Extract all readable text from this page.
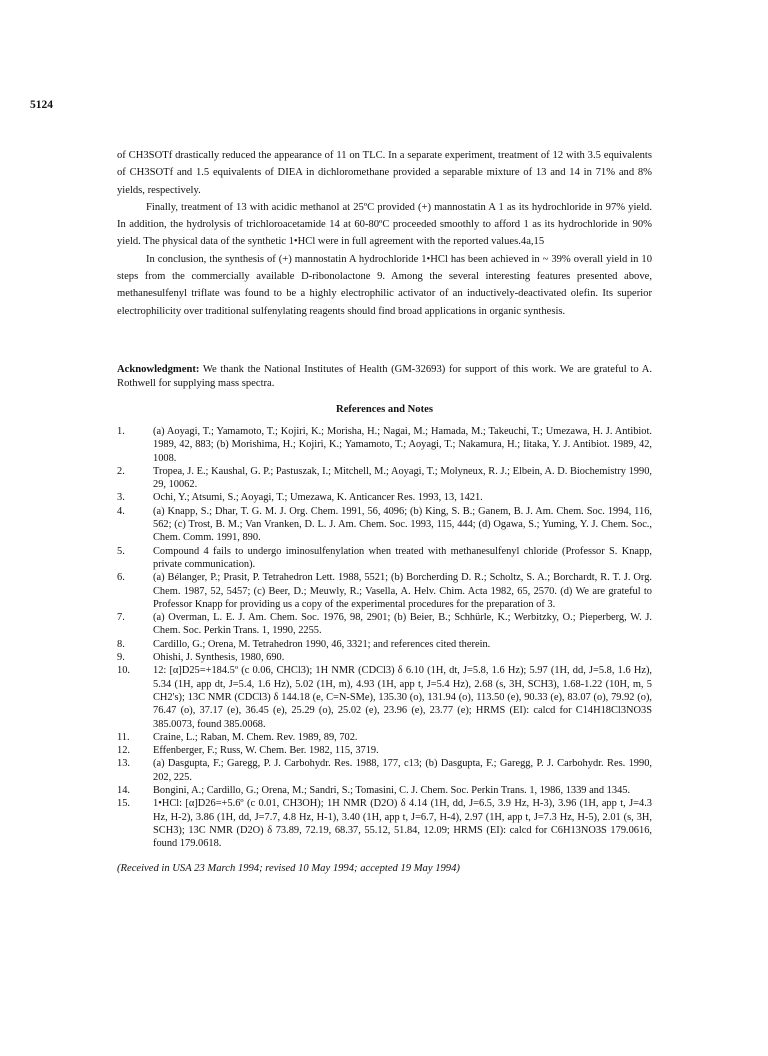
5124

of CH3SOTf drastically reduced the appearance of 11 on TLC. In a separate experiment, treatment of 12 with 3.5 equivalents of CH3SOTf and 1.5 equivalents of DIEA in dichloromethane provided a separable mixture of 13 and 14 in 71% and 8% yields, respectively.

Finally, treatment of 13 with acidic methanol at 25ºC provided (+) mannostatin A 1 as its hydrochloride in 97% yield. In addition, the hydrolysis of trichloroacetamide 14 at 60-80ºC proceeded smoothly to afford 1 as its hydrochloride in 90% yield. The physical data of the synthetic 1•HCl were in full agreement with the reported values.4a,15

In conclusion, the synthesis of (+) mannostatin A hydrochloride 1•HCl has been achieved in ~ 39% overall yield in 10 steps from the commercially available D-ribonolactone 9. Among the several interesting features presented above, methanesulfenyl triflate was found to be a highly electrophilic activator of an inductively-deactivated olefin. Its superior electrophilicity over traditional sulfenylating reagents should find broad applications in organic synthesis.

Acknowledgment: We thank the National Institutes of Health (GM-32693) for support of this work. We are grateful to A. Rothwell for supplying mass spectra.
References and Notes
1.	(a) Aoyagi, T.; Yamamoto, T.; Kojiri, K.; Morisha, H.; Nagai, M.; Hamada, M.; Takeuchi, T.; Umezawa, H. J. Antibiot. 1989, 42, 883; (b) Morishima, H.; Kojiri, K.; Yamamoto, T.; Aoyagi, T.; Nakamura, H.; Iitaka, Y. J. Antibiot. 1989, 42, 1008.
2.	Tropea, J. E.; Kaushal, G. P.; Pastuszak, I.; Mitchell, M.; Aoyagi, T.; Molyneux, R. J.; Elbein, A. D. Biochemistry 1990, 29, 10062.
3.	Ochi, Y.; Atsumi, S.; Aoyagi, T.; Umezawa, K. Anticancer Res. 1993, 13, 1421.
4.	(a) Knapp, S.; Dhar, T. G. M. J. Org. Chem. 1991, 56, 4096; (b) King, S. B.; Ganem, B. J. Am. Chem. Soc. 1994, 116, 562; (c) Trost, B. M.; Van Vranken, D. L. J. Am. Chem. Soc. 1993, 115, 444; (d) Ogawa, S.; Yuming, Y. J. Chem. Soc., Chem. Comm. 1991, 890.
5.	Compound 4 fails to undergo iminosulfenylation when treated with methanesulfenyl chloride (Professor S. Knapp, private communication).
6.	(a) Bélanger, P.; Prasit, P. Tetrahedron Lett. 1988, 5521; (b) Borcherding D. R.; Scholtz, S. A.; Borchardt, R. T. J. Org. Chem. 1987, 52, 5457; (c) Beer, D.; Meuwly, R.; Vasella, A. Helv. Chim. Acta 1982, 65, 2570. (d) We are grateful to Professor Knapp for providing us a copy of the experimental procedures for the preparation of 3.
7.	(a) Overman, L. E. J. Am. Chem. Soc. 1976, 98, 2901; (b) Beier, B.; Schhürle, K.; Werbitzky, O.; Pieperberg, W. J. Chem. Soc. Perkin Trans. 1, 1990, 2255.
8.	Cardillo, G.; Orena, M. Tetrahedron 1990, 46, 3321; and references cited therein.
9.	Ohishi, J. Synthesis, 1980, 690.
10.	12: [α]D25=+184.5º (c 0.06, CHCl3); 1H NMR (CDCl3) δ 6.10 (1H, dt, J=5.8, 1.6 Hz); 5.97 (1H, dd, J=5.8, 1.6 Hz), 5.34 (1H, app dt, J=5.4, 1.6 Hz), 5.02 (1H, m), 4.93 (1H, app t, J=5.4 Hz), 2.68 (s, 3H, SCH3), 1.68-1.22 (10H, m, 5 CH2's); 13C NMR (CDCl3) δ 144.18 (e, C=N-SMe), 135.30 (o), 131.94 (o), 113.50 (e), 90.33 (e), 83.07 (o), 79.92 (o), 76.47 (o), 37.17 (e), 36.45 (e), 25.29 (o), 25.02 (e), 23.96 (e), 23.77 (e); HRMS (EI): calcd for C14H18Cl3NO3S 385.0073, found 385.0068.
11.	Craine, L.; Raban, M. Chem. Rev. 1989, 89, 702.
12.	Effenberger, F.; Russ, W. Chem. Ber. 1982, 115, 3719.
13.	(a) Dasgupta, F.; Garegg, P. J. Carbohydr. Res. 1988, 177, c13; (b) Dasgupta, F.; Garegg, P. J. Carbohydr. Res. 1990, 202, 225.
14.	Bongini, A.; Cardillo, G.; Orena, M.; Sandri, S.; Tomasini, C. J. Chem. Soc. Perkin Trans. 1, 1986, 1339 and 1345.
15.	1•HCl: [α]D26=+5.6º (c 0.01, CH3OH); 1H NMR (D2O) δ 4.14 (1H, dd, J=6.5, 3.9 Hz, H-3), 3.96 (1H, app t, J=4.3 Hz, H-2), 3.86 (1H, dd, J=7.7, 4.8 Hz, H-1), 3.40 (1H, app t, J=6.7, H-4), 2.97 (1H, app t, J=7.3 Hz, H-5), 2.01 (s, 3H, SCH3); 13C NMR (D2O) δ 73.89, 72.19, 68.37, 55.12, 51.84, 12.09; HRMS (EI): calcd for C6H13NO3S 179.0616, found 179.0618.
(Received in USA 23 March 1994; revised 10 May 1994; accepted 19 May 1994)
